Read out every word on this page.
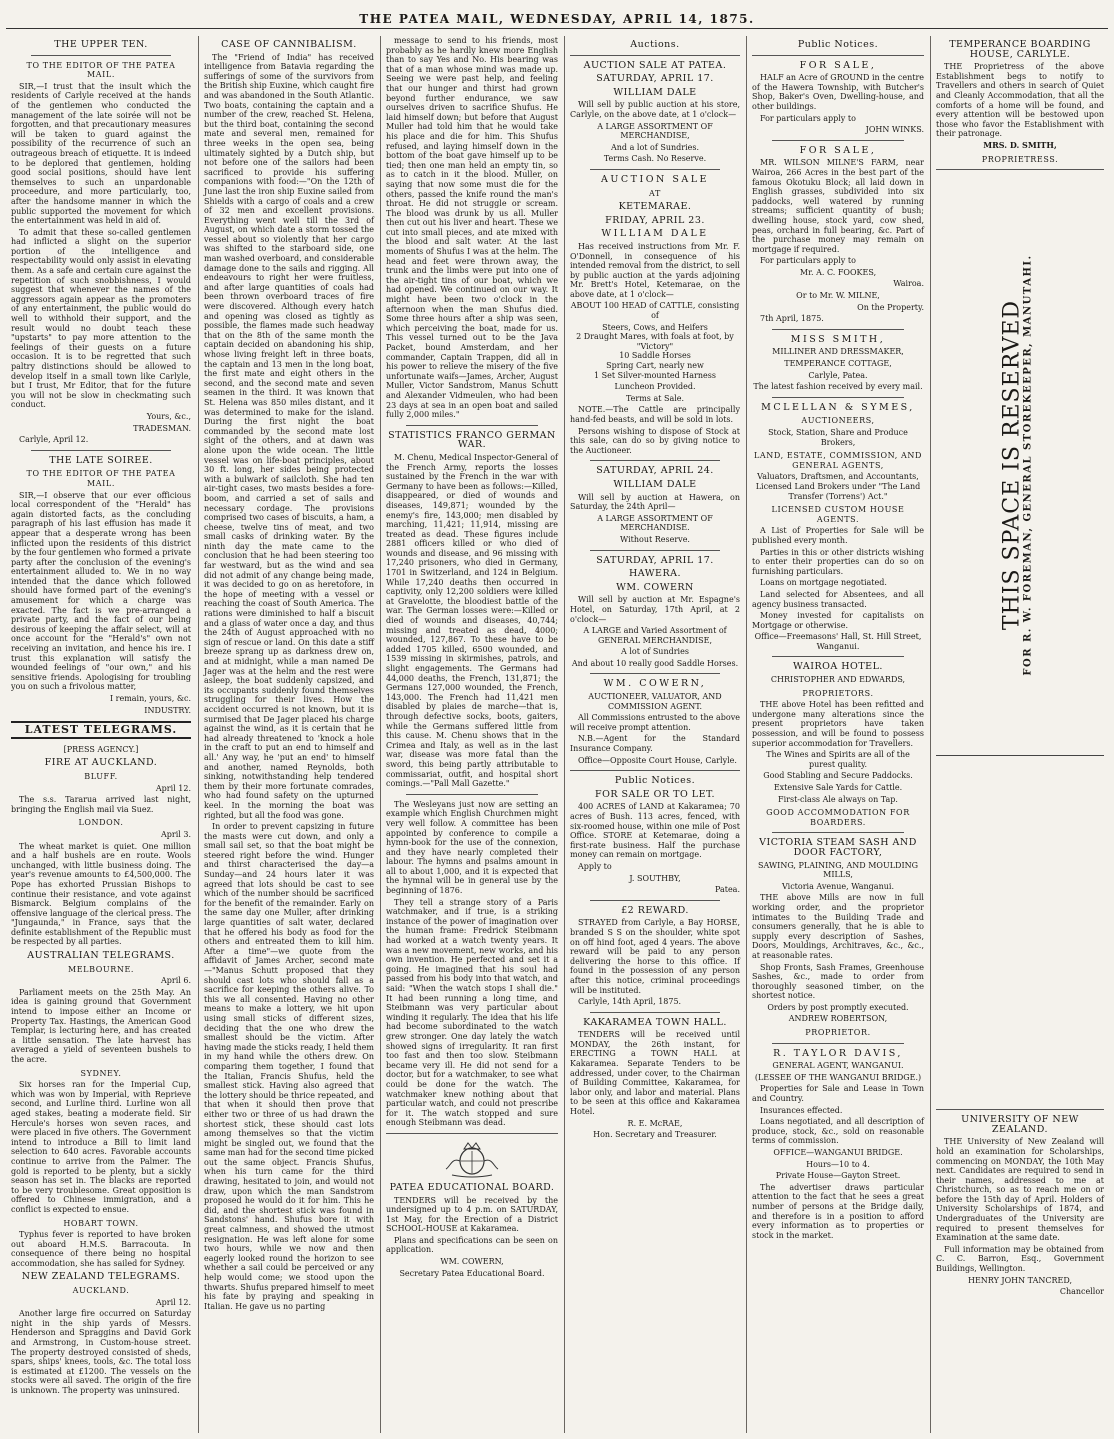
THE PATEA MAIL, WEDNESDAY, APRIL 14, 1875.
THE UPPER TEN.
TO THE EDITOR OF THE PATEA MAIL.

SIR,—I trust that the insult which the residents of Carlyle received at the hands of the gentlemen who conducted the management of the late soirée will not be forgotten, and that precautionary measures will be taken to guard against the possibility of the recurrence of such an outrageous breach of etiquette. It is indeed to be deplored that gentlemen, holding good social positions, should have lent themselves to such an unpardonable proceedure, and more particularly, too, after the handsome manner in which the public supported the movement for which the entertainment was held in aid of.

To admit that these so-called gentlemen had inflicted a slight on the superior portion of the intelligence and respectability would only assist in elevating them. As a safe and certain cure against the repetition of such snobbishness, I would suggest that whenever the names of the aggressors again appear as the promoters of any entertainment, the public would do well to withhold their support, and the result would no doubt teach these "upstarts" to pay more attention to the feelings of their guests on a future occasion. It is to be regretted that such paltry distinctions should be allowed to develop itself in a small town like Carlyle, but I trust, Mr Editor, that for the future you will not be slow in checkmating such conduct.

Yours, &c.,

TRADESMAN.

Carlyle, April 12.

THE LATE SOIREE.
TO THE EDITOR OF THE PATEA MAIL.

SIR,—I observe that our ever officious local correspondent of the "Herald" has again distorted facts, as the concluding paragraph of his last effusion has made it appear that a desperate wrong has been inflicted upon the residents of this district by the four gentlemen who formed a private party after the conclusion of the evening's entertainment alluded to. We in no way intended that the dance which followed should have formed part of the evening's amusement for which a charge was exacted. The fact is we pre-arranged a private party, and the fact of our being desirous of keeping the affair select, will at once account for the "Herald's" own not receiving an invitation, and hence his ire. I trust this explanation will satisfy the wounded feelings of "our own," and his sensitive friends. Apologising for troubling you on such a frivolous matter,

I remain, yours, &c.

INDUSTRY.

LATEST TELEGRAMS.

[PRESS AGENCY.]

FIRE AT AUCKLAND.
BLUFF.

April 12.

The s.s. Tararua arrived last night, bringing the English mail via Suez.

LONDON.

April 3.

The wheat market is quiet. One million and a half bushels are en route. Wools unchanged, with little business doing. The year's revenue amounts to £4,500,000. The Pope has exhorted Prussian Bishops to continue their resistance, and vote against Bismarck. Belgium complains of the offensive language of the clerical press. The "Jungaunda," in France, says that the definite establishment of the Republic must be respected by all parties.

AUSTRALIAN TELEGRAMS.
MELBOURNE.

April 6.

Parliament meets on the 25th May. An idea is gaining ground that Government intend to impose either an Income or Property Tax. Hastings, the American Good Templar, is lecturing here, and has created a little sensation. The late harvest has averaged a yield of seventeen bushels to the acre.

SYDNEY.

Six horses ran for the Imperial Cup, which was won by Imperial, with Reprieve second, and Lurline third. Lurline won all aged stakes, beating a moderate field. Sir Hercule's horses won seven races, and were placed in five others. The Government intend to introduce a Bill to limit land selection to 640 acres. Favorable accounts continue to arrive from the Palmer. The gold is reported to be plenty, but a sickly season has set in. The blacks are reported to be very troublesome. Great opposition is offered to Chinese immigration, and a conflict is expected to ensue.

HOBART TOWN.

Typhus fever is reported to have broken out aboard H.M.S. Barracouta. In consequence of there being no hospital accommodation, she has sailed for Sydney.

NEW ZEALAND TELEGRAMS.
AUCKLAND.

April 12.

Another large fire occurred on Saturday night in the ship yards of Messrs. Henderson and Spraggins and David Gork and Armstrong, in Custom-house street. The property destroyed consisted of sheds, spars, ships' knees, tools, &c. The total loss is estimated at £1200. The vessels on the stocks were all saved. The origin of the fire is unknown. The property was uninsured.

CASE OF CANNIBALISM.

The "Friend of India" has received intelligence from Batavia regarding the sufferings of some of the survivors from the British ship Euxine, which caught fire and was abandoned in the South Atlantic. Two boats, containing the captain and a number of the crew, reached St. Helena, but the third boat, containing the second mate and several men, remained for three weeks in the open sea, being ultimately sighted by a Dutch ship, but not before one of the sailors had been sacrificed to provide his suffering companions with food:—"On the 12th of June last the iron ship Euxine sailed from Shields with a cargo of coals and a crew of 32 men and excellent provisions. Everything went well till the 3rd of August, on which date a storm tossed the vessel about so violently that her cargo was shifted to the starboard side, one man washed overboard, and considerable damage done to the sails and rigging. All endeavours to right her were fruitless, and after large quantities of coals had been thrown overboard traces of fire were discovered. Although every hatch and opening was closed as tightly as possible, the flames made such headway that on the 8th of the same month the captain decided on abandoning his ship, whose living freight left in three boats, the captain and 13 men in the long boat, the first mate and eight others in the second, and the second mate and seven seamen in the third. It was known that St. Helena was 850 miles distant, and it was determined to make for the island. During the first night the boat commanded by the second mate lost sight of the others, and at dawn was alone upon the wide ocean. The little vessel was on life-boat principles, about 30 ft. long, her sides being protected with a bulwark of sailcloth. She had ten air-tight cases, two masts besides a fore-boom, and carried a set of sails and necessary cordage. The provisions comprised two cases of biscuits, a ham, a cheese, twelve tins of meat, and two small casks of drinking water. By the ninth day the mate came to the conclusion that he had been steering too far westward, but as the wind and sea did not admit of any change being made, it was decided to go on as heretofore, in the hope of meeting with a vessel or reaching the coast of South America. The rations were diminished to half a biscuit and a glass of water once a day, and thus the 24th of August approached with no sign of rescue or land. On this date a stiff breeze sprang up as darkness drew on, and at midnight, while a man named De Jager was at the helm and the rest were asleep, the boat suddenly capsized, and its occupants suddenly found themselves struggling for their lives. How the accident occurred is not known, but it is surmised that De Jager placed his charge against the wind, as it is certain that he had already threatened to 'knock a hole in the craft to put an end to himself and all.' Any way, he 'put an end' to himself and another, named Reynolds, both sinking, notwithstanding help tendered them by their more fortunate comrades, who had found safety on the upturned keel. In the morning the boat was righted, but all the food was gone.

In order to prevent capsizing in future the masts were cut down, and only a small sail set, so that the boat might be steered right before the wind. Hunger and thirst characterised the day—a Sunday—and 24 hours later it was agreed that lots should be cast to see which of the number should be sacrificed for the benefit of the remainder. Early on the same day one Muller, after drinking large quantities of salt water, declared that he offered his body as food for the others and entreated them to kill him. After a time"—we quote from the affidavit of James Archer, second mate—"Manus Schutt proposed that they should cast lots who should fall as a sacrifice for keeping the others alive. To this we all consented. Having no other means to make a lottery, we hit upon using small sticks of different sizes, deciding that the one who drew the smallest should be the victim. After having made the sticks ready, I held them in my hand while the others drew. On comparing them together, I found that the Italian, Francis Shufus, held the smallest stick. Having also agreed that the lottery should be thrice repeated, and that when it should then prove that either two or three of us had drawn the shortest stick, these should cast lots among themselves so that the victim might be singled out, we found that the same man had for the second time picked out the same object. Francis Shufus, when his turn came for the third drawing, hesitated to join, and would not draw, upon which the man Sandstrom proposed he would do it for him. This he did, and the shortest stick was found in Sandstons' hand. Shufus bore it with great calmness, and showed the utmost resignation. He was left alone for some two hours, while we now and then eagerly looked round the horizon to see whether a sail could be perceived or any help would come; we stood upon the thwarts. Shufus prepared himself to meet his fate by praying and speaking in Italian. He gave us no parting

message to send to his friends, most probably as he hardly knew more English than to say Yes and No. His bearing was that of a man whose mind was made up. Seeing we were past help, and feeling that our hunger and thirst had grown beyond further endurance, we saw ourselves driven to sacrifice Shufus. He laid himself down; but before that August Muller had told him that he would take his place and die for him. This Shufus refused, and laying himself down in the bottom of the boat gave himself up to be tied; then one man held an empty tin, so as to catch in it the blood. Muller, on saying that now some must die for the others, passed the knife round the man's throat. He did not struggle or scream. The blood was drunk by us all. Muller then cut out his liver and heart. These we cut into small pieces, and ate mixed with the blood and salt water. At the last moments of Shufus I was at the helm. The head and feet were thrown away, the trunk and the limbs were put into one of the air-tight tins of our boat, which we had opened. We continued on our way. It might have been two o'clock in the afternoon when the man Shufus died. Some three hours after a ship was seen, which perceiving the boat, made for us. This vessel turned out to be the Java Packet, bound Amsterdam, and her commander, Captain Trappen, did all in his power to relieve the misery of the five unfortunate waifs—James, Archer, August Muller, Victor Sandstrom, Manus Schutt and Alexander Vidmeulen, who had been 23 days at sea in an open boat and sailed fully 2,000 miles."

STATISTICS FRANCO GERMAN WAR.

M. Chenu, Medical Inspector-General of the French Army, reports the losses sustained by the French in the war with Germany to have been as follows:—Killed, disappeared, or died of wounds and diseases, 149,871; wounded by the enemy's fire, 143,000; men disabled by marching, 11,421; 11,914, missing are treated as dead. These figures include 2881 officers killed or who died of wounds and disease, and 96 missing with 17,240 prisoners, who died in Germany, 1701 in Switzerland, and 124 in Belgium. While 17,240 deaths then occurred in captivity, only 12,200 soldiers were killed at Gravelotte, the bloodiest battle of the war. The German losses were:—Killed or died of wounds and diseases, 40,744; missing and treated as dead, 4000; wounded, 127,867. To these have to be added 1705 killed, 6500 wounded, and 1539 missing in skirmishes, patrols, and slight engagements. The Germans had 44,000 deaths, the French, 131,871; the Germans 127,000 wounded, the French, 143,000. The French had 11,421 men disabled by plaies de marche—that is, through defective socks, boots, gaiters, while the Germans suffered little from this cause. M. Chenu shows that in the Crimea and Italy, as well as in the last war, disease was more fatal than the sword, this being partly attributable to commissariat, outfit, and hospital short comings.—"Pall Mall Gazette."

The Wesleyans just now are setting an example which English Churchmen might very well follow. A committee has been appointed by conference to compile a hymn-book for the use of the connexion, and they have nearly completed their labour. The hymns and psalms amount in all to about 1,000, and it is expected that the hymnal will be in general use by the beginning of 1876.

They tell a strange story of a Paris watchmaker, and if true, is a striking instance of the power of imagination over the human frame: Fredrick Steibmann had worked at a watch twenty years. It was a new movement, new works, and his own invention. He perfected and set it a going. He imagined that his soul had passed from his body into that watch, and said: "When the watch stops I shall die." It had been running a long time, and Steibmann was very particular about winding it regularly. The idea that his life had become subordinated to the watch grew stronger. One day lately the watch showed signs of irregularity. It ran first too fast and then too slow. Steibmann became very ill. He did not send for a doctor, but for a watchmaker, to see what could be done for the watch. The watchmaker knew nothing about that particular watch, and could not prescribe for it. The watch stopped and sure enough Steibmann was dead.

PATEA EDUCATIONAL BOARD.

TENDERS will be received by the undersigned up to 4 p.m. on SATURDAY, 1st May, for the Erection of a District SCHOOL-HOUSE at Kakaramea.

Plans and specifications can be seen on application.

WM. COWERN,

Secretary Patea Educational Board.

Auctions.
AUCTION SALE AT PATEA.
SATURDAY, APRIL 17.
WILLIAM DALE

Will sell by public auction at his store, Carlyle, on the above date, at 1 o'clock—

A LARGE ASSORTMENT OF MERCHANDISE,

And a lot of Sundries.

Terms Cash. No Reserve.

AUCTION SALE
AT
KETEMARAE.
FRIDAY, APRIL 23.
WILLIAM DALE

Has received instructions from Mr. F. O'Donnell, in consequence of his intended removal from the district, to sell by public auction at the yards adjoining Mr. Brett's Hotel, Ketemarae, on the above date, at 1 o'clock—

ABOUT 100 HEAD of CATTLE, consisting of

Steers, Cows, and Heifers
2 Draught Mares, with foals at foot, by "Victory"
10 Saddle Horses
Spring Cart, nearly new
1 Set Silver-mounted Harness

Luncheon Provided.

Terms at Sale.

NOTE.—The Cattle are principally hand-fed beasts, and will be sold in lots.

Persons wishing to dispose of Stock at this sale, can do so by giving notice to the Auctioneer.

SATURDAY, APRIL 24.
WILLIAM DALE

Will sell by auction at Hawera, on Saturday, the 24th April—

A LARGE ASSORTMENT OF MERCHANDISE.

Without Reserve.

SATURDAY, APRIL 17.
HAWERA.
WM. COWERN

Will sell by auction at Mr. Espagne's Hotel, on Saturday, 17th April, at 2 o'clock—

A LARGE and Varied Assortment of GENERAL MERCHANDISE,

A lot of Sundries

And about 10 really good Saddle Horses.

WM. COWERN,

AUCTIONEER, VALUATOR, AND COMMISSION AGENT.

All Commissions entrusted to the above will receive prompt attention.

N.B.—Agent for the Standard Insurance Company.

Office—Opposite Court House, Carlyle.

Public Notices.
FOR SALE OR TO LET.

400 ACRES of LAND at Kakaramea; 70 acres of Bush. 113 acres, fenced, with six-roomed house, within one mile of Post Office. STORE at Ketemarae, doing a first-rate business. Half the purchase money can remain on mortgage.

Apply to

J. SOUTHBY,

Patea.

£2 REWARD.

STRAYED from Carlyle, a Bay HORSE, branded S S on the shoulder, white spot on off hind foot, aged 4 years. The above reward will be paid to any person delivering the horse to this office. If found in the possession of any person after this notice, criminal proceedings will be instituted.

Carlyle, 14th April, 1875.

KAKARAMEA TOWN HALL.

TENDERS will be received until MONDAY, the 26th instant, for ERECTING a TOWN HALL at Kakaramea. Separate Tenders to be addressed, under cover, to the Chairman of Building Committee, Kakaramea, for labor only, and labor and material. Plans to be seen at this office and Kakaramea Hotel.

R. E. McRAE,

Hon. Secretary and Treasurer.

Public Notices.
FOR SALE,

HALF an Acre of GROUND in the centre of the Hawera Township, with Butcher's Shop, Baker's Oven, Dwelling-house, and other buildings.

For particulars apply to

JOHN WINKS.

FOR SALE,

MR. WILSON MILNE'S FARM, near Wairoa, 266 Acres in the best part of the famous Okotuku Block; all laid down in English grasses, subdivided into six paddocks, well watered by running streams; sufficient quantity of bush; dwelling house, stock yard, cow shed, peas, orchard in full bearing, &c. Part of the purchase money may remain on mortgage if required.

For particulars apply to

Mr. A. C. FOOKES,

Wairoa.

Or to Mr. W. MILNE,

On the Property.

7th April, 1875.

MISS SMITH,

MILLINER AND DRESSMAKER,

TEMPERANCE COTTAGE,

Carlyle, Patea.

The latest fashion received by every mail.

MCLELLAN & SYMES,
AUCTIONEERS,

Stock, Station, Share and Produce Brokers,

LAND, ESTATE, COMMISSION, AND GENERAL AGENTS,

Valuators, Draftsmen, and Accountants, Licensed Land Brokers under "The Land Transfer (Torrens') Act."

LICENSED CUSTOM HOUSE AGENTS.

A List of Properties for Sale will be published every month.

Parties in this or other districts wishing to enter their properties can do so on furnishing particulars.

Loans on mortgage negotiated.

Land selected for Absentees, and all agency business transacted.

Money invested for capitalists on Mortgage or otherwise.

Office—Freemasons' Hall, St. Hill Street, Wanganui.

WAIROA HOTEL.

CHRISTOPHER AND EDWARDS,

PROPRIETORS.

THE above Hotel has been refitted and undergone many alterations since the present proprietors have taken possession, and will be found to possess superior accommodation for Travellers.

The Wines and Spirits are all of the purest quality.

Good Stabling and Secure Paddocks.

Extensive Sale Yards for Cattle.

First-class Ale always on Tap.

GOOD ACCOMMODATION FOR BOARDERS.
VICTORIA STEAM SASH AND DOOR FACTORY,

SAWING, PLAINING, AND MOULDING MILLS,

Victoria Avenue, Wanganui.

THE above Mills are now in full working order, and the proprietor intimates to the Building Trade and consumers generally, that he is able to supply every description of Sashes, Doors, Mouldings, Architraves, &c., &c., at reasonable rates.

Shop Fronts, Sash Frames, Greenhouse Sashes, &c., made to order from thoroughly seasoned timber, on the shortest notice.

Orders by post promptly executed.

ANDREW ROBERTSON,

PROPRIETOR.
R. TAYLOR DAVIS,

GENERAL AGENT, WANGANUI.

(LESSEE OF THE WANGANUI BRIDGE.)

Properties for Sale and Lease in Town and Country.

Insurances effected.

Loans negotiated, and all description of produce, stock, &c., sold on reasonable terms of commission.

OFFICE—WANGANUI BRIDGE.

Hours—10 to 4.

Private House—Gayton Street.

The advertiser draws particular attention to the fact that he sees a great number of persons at the Bridge daily, and therefore is in a position to afford every information as to properties or stock in the market.

TEMPERANCE BOARDING HOUSE, CARLYLE.

THE Proprietress of the above Establishment begs to notify to Travellers and others in search of Quiet and Cleanly Accommodation, that all the comforts of a home will be found, and every attention will be bestowed upon those who favor the Establishment with their patronage.

MRS. D. SMITH,

PROPRIETRESS.
THIS SPACE IS RESERVED
FOR R. W. FOREMAN, GENERAL STOREKEEPER, MANUTAHI.
UNIVERSITY OF NEW ZEALAND.

THE University of New Zealand will hold an examination for Scholarships, commencing on MONDAY, the 10th May next. Candidates are required to send in their names, addressed to me at Christchurch, so as to reach me on or before the 15th day of April. Holders of University Scholarships of 1874, and Undergraduates of the University are required to present themselves for Examination at the same date.

Full information may be obtained from C. C. Barron, Esq., Government Buildings, Wellington.

HENRY JOHN TANCRED,

Chancellor
